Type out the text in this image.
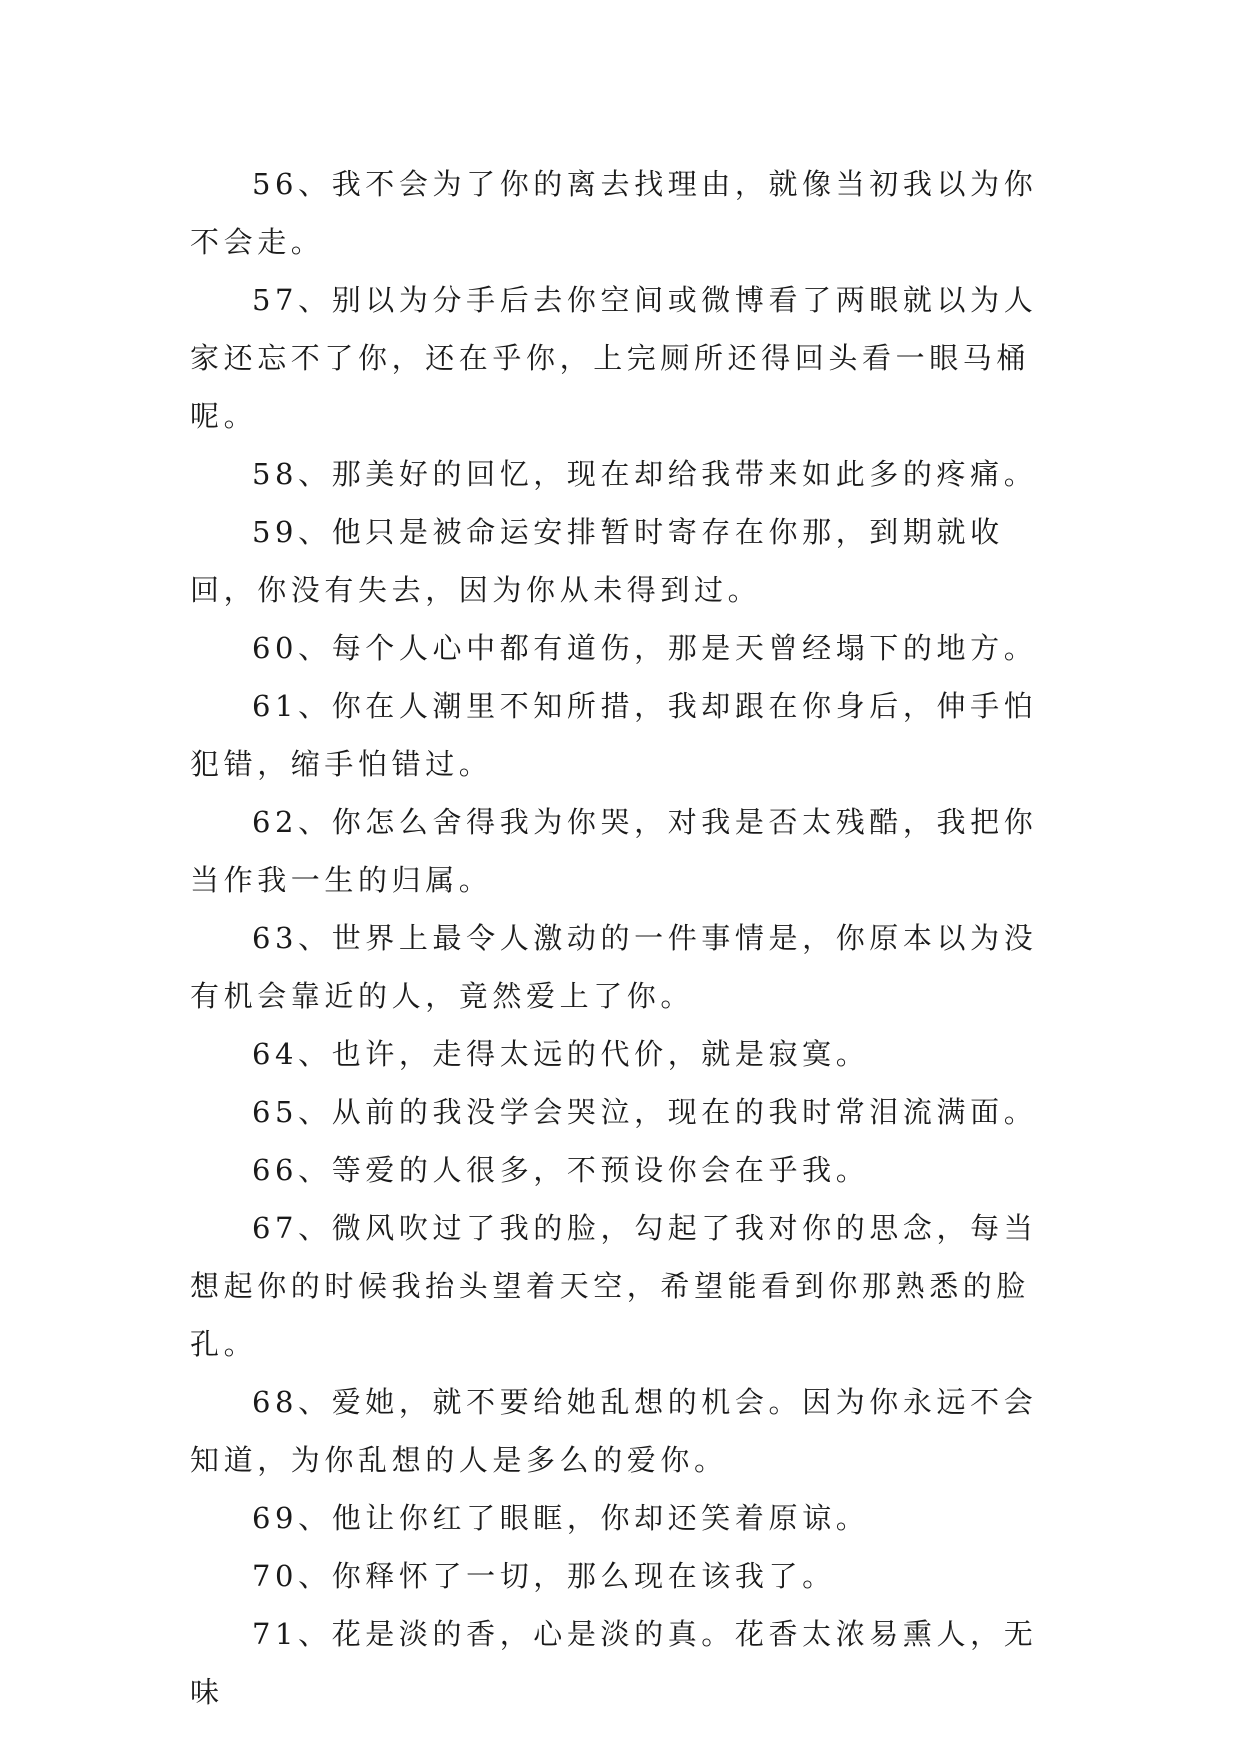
56、我不会为了你的离去找理由，就像当初我以为你不会走。

57、别以为分手后去你空间或微博看了两眼就以为人家还忘不了你，还在乎你，上完厕所还得回头看一眼马桶呢。

58、那美好的回忆，现在却给我带来如此多的疼痛。

59、他只是被命运安排暂时寄存在你那，到期就收回，你没有失去，因为你从未得到过。

60、每个人心中都有道伤，那是天曾经塌下的地方。

61、你在人潮里不知所措，我却跟在你身后，伸手怕犯错，缩手怕错过。

62、你怎么舍得我为你哭，对我是否太残酷，我把你当作我一生的归属。

63、世界上最令人激动的一件事情是，你原本以为没有机会靠近的人，竟然爱上了你。

64、也许，走得太远的代价，就是寂寞。

65、从前的我没学会哭泣，现在的我时常泪流满面。

66、等爱的人很多，不预设你会在乎我。

67、微风吹过了我的脸，勾起了我对你的思念，每当想起你的时候我抬头望着天空，希望能看到你那熟悉的脸孔。

68、爱她，就不要给她乱想的机会。因为你永远不会知道，为你乱想的人是多么的爱你。

69、他让你红了眼眶，你却还笑着原谅。

70、你释怀了一切，那么现在该我了。

71、花是淡的香，心是淡的真。花香太浓易熏人，无味
